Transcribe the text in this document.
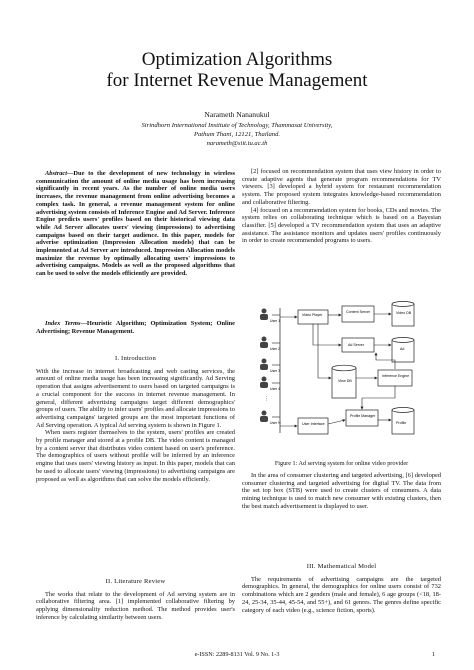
Optimization Algorithms
for Internet Revenue Management
Narameth Nananukul
Sirindhorn International Institute of Technology, Thammasat University,
Pathum Thani, 12121, Thailand.
narameth@siit.tu.ac.th

Abstract—Due to the development of new technology in wireless communication the amount of online media usage has been increasing significantly in recent years. As the number of online media users increases, the revenue management from online advertising becomes a complex task. In general, a revenue management system for online advertising system consists of Inference Engine and Ad Server. Inference Engine predicts users' profiles based on their historical viewing data while Ad Server allocates users' viewing (impressions) to advertising campaigns based on their target audience. In this paper, models for adverise optimization (Impression Allocation models) that can be implemented at Ad Server are introduced. Impression Allocation models maximize the revenue by optimally allocating users' impressions to advertising campaigns. Models as well as the proposed algorithms that can be used to solve the models efficiently are provided.

Index Terms—Heuristic Algorithm; Optimization System; Online Advertising; Revenue Management.

I. Introduction

With the increase in internet broadcasting and web casting services, the amount of online media usage has been increasing significantly. Ad Serving operation that assigns advertisement to users based on targeted campaigns is a crucial component for the success in internet revenue management. In general, different advertising campaigns target different demographics' groups of users. The ability to infer users' profiles and allocate impressions to advertising campaigns' targeted groups are the most important functions of Ad Serving operation. A typical Ad serving system is shown in Figure 1.

When users register themselves to the system, users' profiles are created by profile manager and stored at a profile DB. The video content is managed by a content server that distributes video content based on user's preference. The demographics of users without profile will be inferred by an inference engine that uses users' viewing history as input. In this paper, models that can be used to allocate users' viewing (impressions) to advertising campaigns are proposed as well as algorithms that can solve the models efficiently.

II. Literature Review

The works that relate to the development of Ad serving system are in collaborative filtering area. [1] implemented collaborative filtering by applying dimensionality reduction method. The method provides user's inference by calculating similarity between users.

[2] focused on recommendation system that uses view history in order to create adaptive agents that generate program recommendations for TV viewers. [3] developed a hybrid system for restaurant recommendation system. The proposed system integrates knowledge-based recommendation and collaborative filtering.

[4] focused on a recommendation system for books, CDs and movies. The system relies on collaborating technique which is based on a Bayesian classifier. [5] developed a TV recommendation system that uses an adaptive assistance. The assistance monitors and updates users' profiles continuously in order to create recommended programs to users.

User 1
User 2
User 3
User 4
User N
⋮
Video Player
Content Server	Video DB
Ad Server
Ad
View DB
Inference Engine
Profile Manager
User Interface	Profile
Figure 1: Ad serving system for online video provider

In the area of consumer clustering and targeted advertising, [6] developed consumer clustering and targeted advertising for digital TV. The data from the set top box (STB) were used to create clusters of consumers. A data mining technique is used to match new consumer with existing clusters, then the best match advertisement is displayed to user.

III. Mathematical Model

The requirements of advertising campaigns are the targeted demographics. In general, the demographics for online users consist of 732 combinations which are 2 genders (male and female), 6 age groups (<18, 18-24, 25-34, 35-44, 45-54, and 55+), and 61 genres. The genres define specific category of each video (e.g., science fiction, sports).

e-ISSN: 2289-8131 Vol. 9 No. 1-3	1
